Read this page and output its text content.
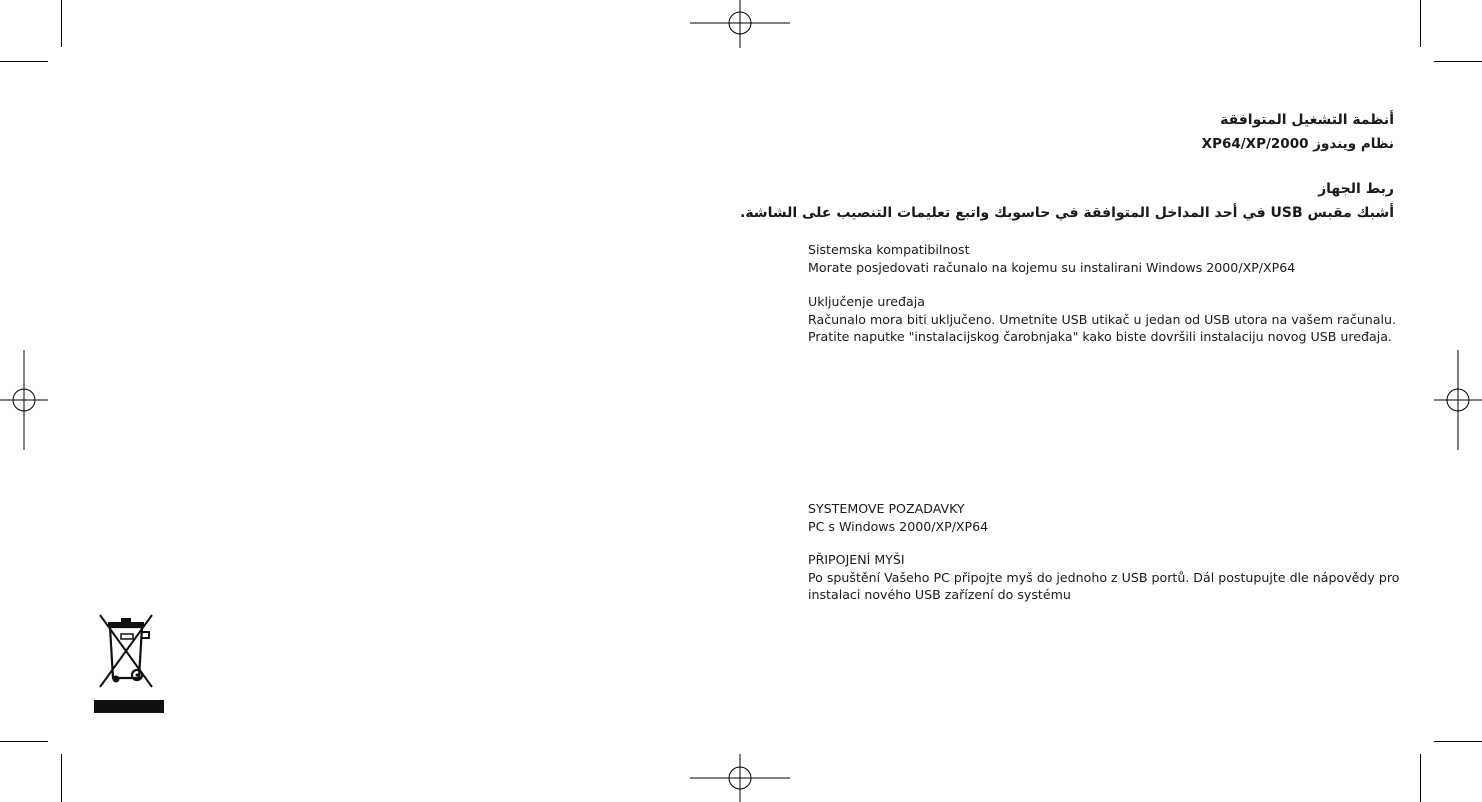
أنظمة التشغيل المتوافقة
نظام ويندوز XP64/XP/2000
ربط الجهاز
أشبك مقبس USB في أحد المداخل المتوافقة في حاسوبك واتبع تعليمات التنصيب على الشاشة.
Sistemska kompatibilnost
Morate posjedovati računalo na kojemu su instalirani Windows 2000/XP/XP64
Uključenje uređaja
Računalo mora biti uključeno. Umetnite USB utikač u jedan od USB utora na vašem računalu.
Pratite naputke "instalacijskog čarobnjaka" kako biste dovršili instalaciju novog USB uređaja.
SYSTEMOVE POZADAVKY
PC s Windows 2000/XP/XP64
PŘIPOJENÍ MYŠI
Po spuštění Vašeho PC připojte myš do jednoho z USB portů. Dál postupujte dle nápovědy pro
instalaci nového USB zařízení do systému
